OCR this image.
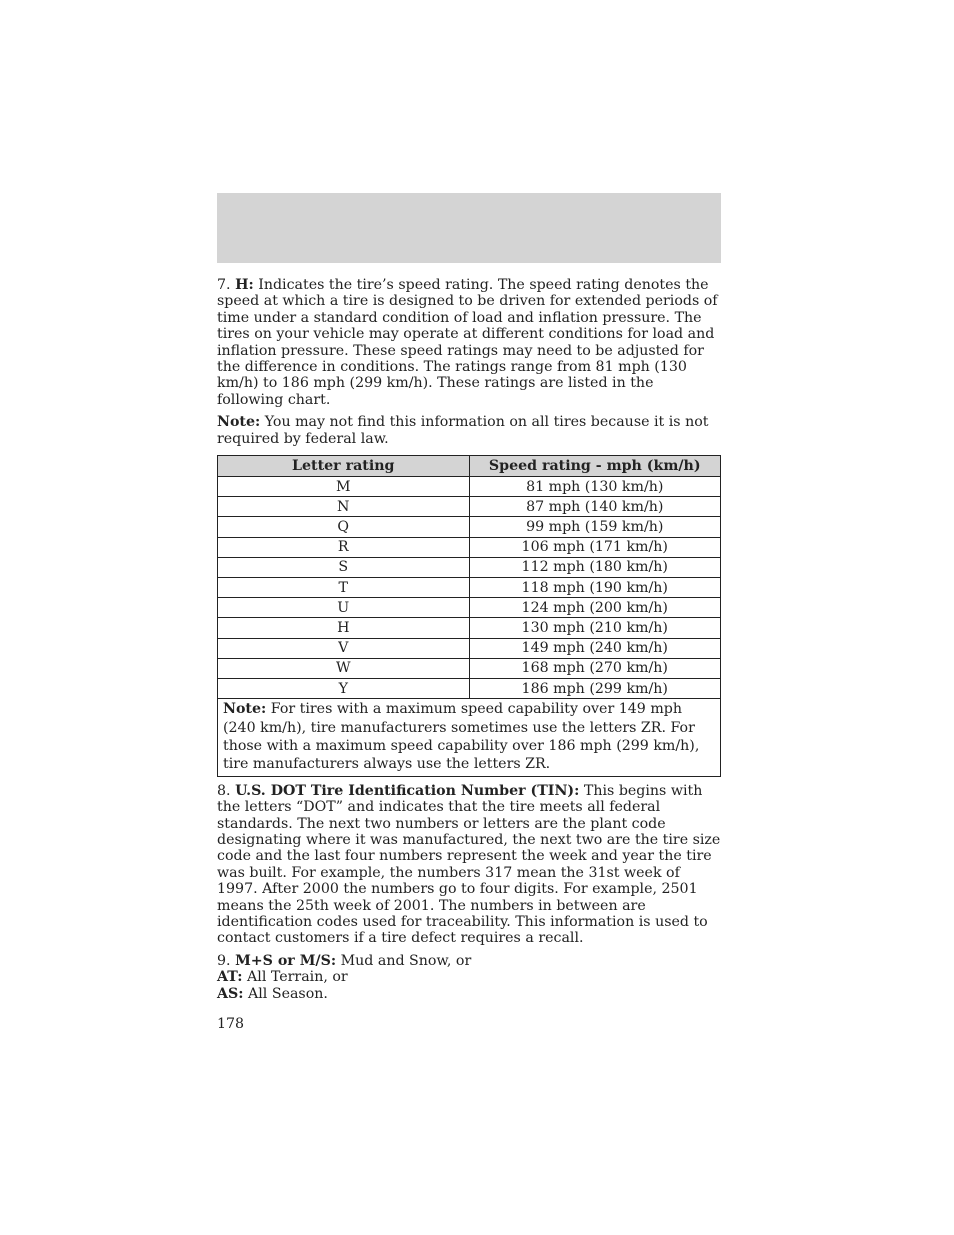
7. H: Indicates the tire’s speed rating. The speed rating denotes the speed at which a tire is designed to be driven for extended periods of time under a standard condition of load and inflation pressure. The tires on your vehicle may operate at different conditions for load and inflation pressure. These speed ratings may need to be adjusted for the difference in conditions. The ratings range from 81 mph (130 km/h) to 186 mph (299 km/h). These ratings are listed in the following chart.

Note: You may not find this information on all tires because it is not required by federal law.

Letter rating	Speed rating - mph (km/h)
M	81 mph (130 km/h)
N	87 mph (140 km/h)
Q	99 mph (159 km/h)
R	106 mph (171 km/h)
S	112 mph (180 km/h)
T	118 mph (190 km/h)
U	124 mph (200 km/h)
H	130 mph (210 km/h)
V	149 mph (240 km/h)
W	168 mph (270 km/h)
Y	186 mph (299 km/h)
Note: For tires with a maximum speed capability over 149 mph (240 km/h), tire manufacturers sometimes use the letters ZR. For those with a maximum speed capability over 186 mph (299 km/h), tire manufacturers always use the letters ZR.	

8. U.S. DOT Tire Identification Number (TIN): This begins with the letters “DOT” and indicates that the tire meets all federal standards. The next two numbers or letters are the plant code designating where it was manufactured, the next two are the tire size code and the last four numbers represent the week and year the tire was built. For example, the numbers 317 mean the 31st week of 1997. After 2000 the numbers go to four digits. For example, 2501 means the 25th week of 2001. The numbers in between are identification codes used for traceability. This information is used to contact customers if a tire defect requires a recall.

9. M+S or M/S: Mud and Snow, or

AT: All Terrain, or

AS: All Season.

178
